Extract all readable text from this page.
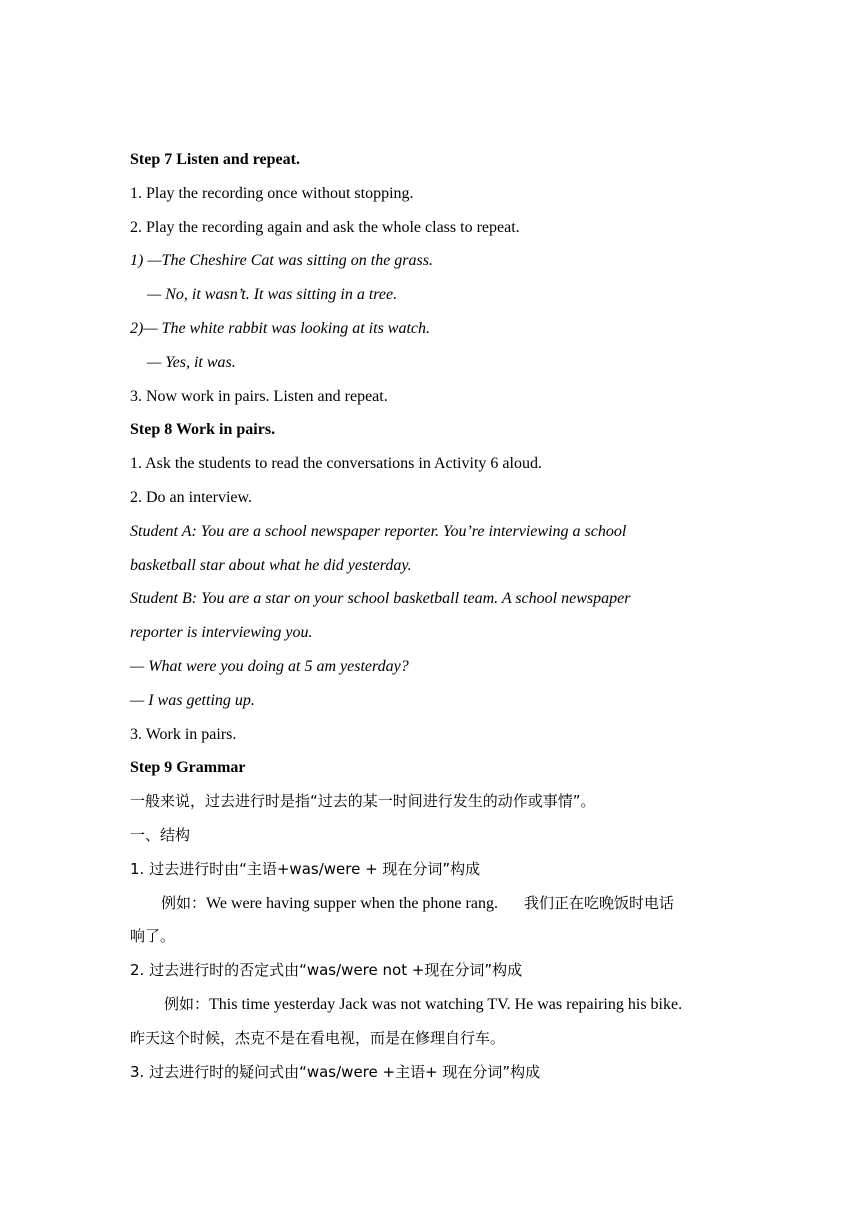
Step 7 Listen and repeat.
1. Play the recording once without stopping.
2. Play the recording again and ask the whole class to repeat.
1) —The Cheshire Cat was sitting on the grass.
— No, it wasn’t. It was sitting in a tree.
2)— The white rabbit was looking at its watch.
— Yes, it was.
3. Now work in pairs. Listen and repeat.
Step 8 Work in pairs.
1. Ask the students to read the conversations in Activity 6 aloud.
2. Do an interview.
Student A: You are a school newspaper reporter. You’re interviewing a school
basketball star about what he did yesterday.
Student B: You are a star on your school basketball team. A school newspaper
reporter is interviewing you.
— What were you doing at 5 am yesterday?
— I was getting up.
3. Work in pairs.
Step 9 Grammar
一般来说，过去进行时是指“过去的某一时间进行发生的动作或事情”。
一、结构
1. 过去进行时由“主语+was/were + 现在分词”构成
例如：We were having supper when the phone rang. 我们正在吃晚饭时电话
响了。
2. 过去进行时的否定式由“was/were not +现在分词”构成
例如：This time yesterday Jack was not watching TV. He was repairing his bike.
昨天这个时候，杰克不是在看电视，而是在修理自行车。
3. 过去进行时的疑问式由“was/were +主语+ 现在分词”构成
